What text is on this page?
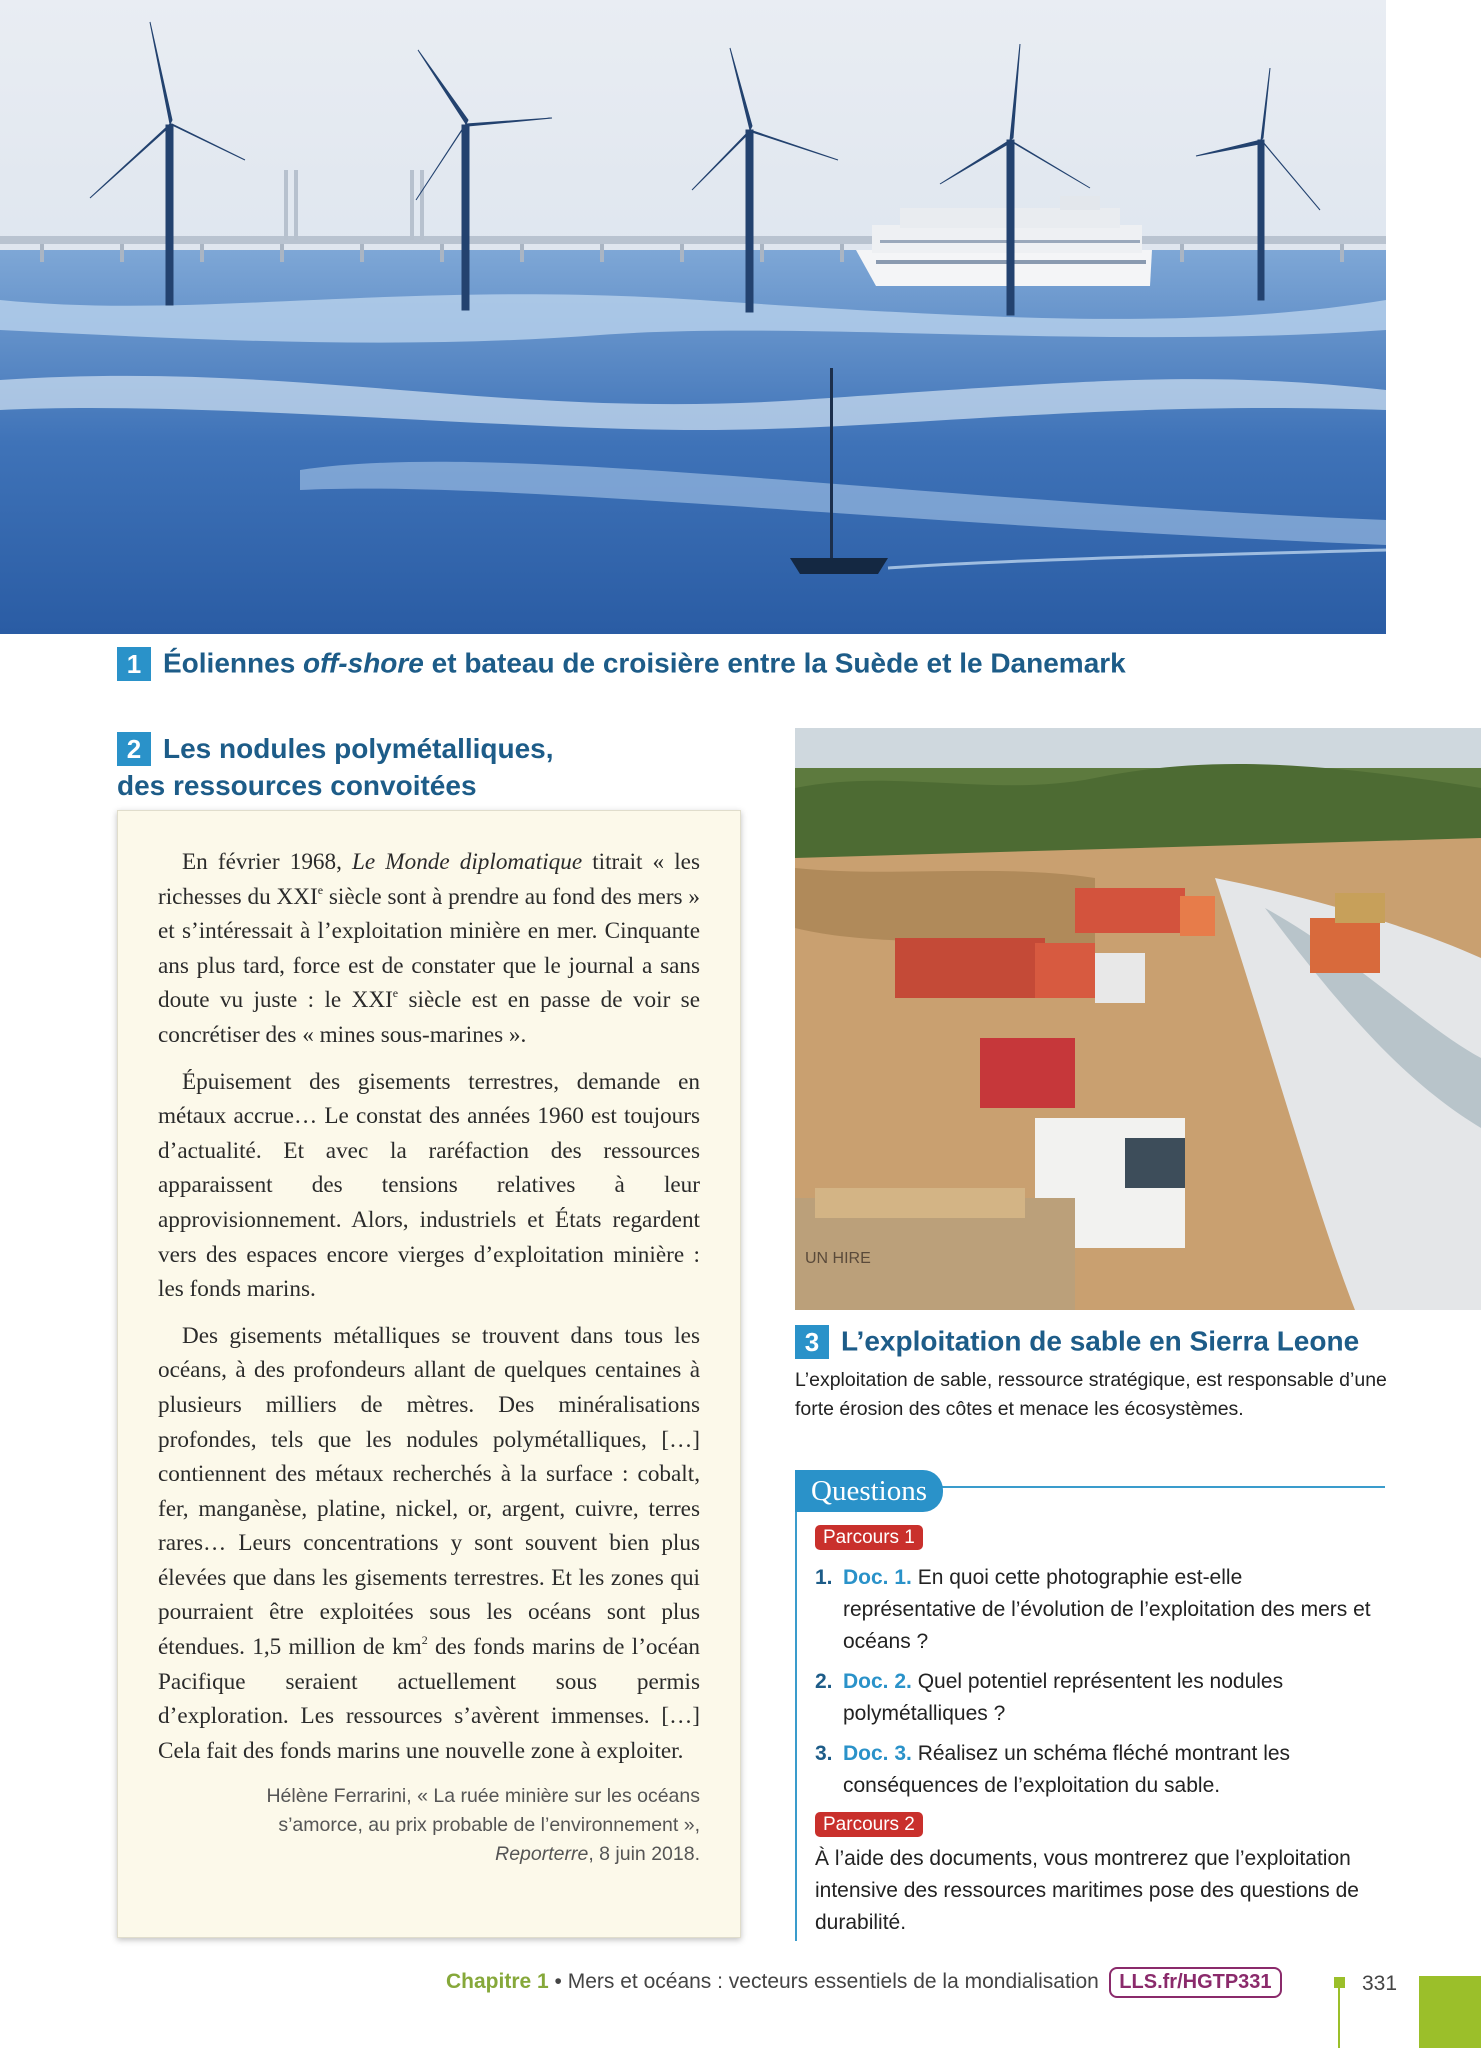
1 Éoliennes off-shore et bateau de croisière entre la Suède et le Danemark
2 Les nodules polymétalliques,
des ressources convoitées

En février 1968, Le Monde diplomatique titrait « les richesses du XXIe siècle sont à prendre au fond des mers » et s’intéressait à l’exploitation minière en mer. Cinquante ans plus tard, force est de constater que le journal a sans doute vu juste : le XXIe siècle est en passe de voir se concrétiser des « mines sous-marines ».

Épuisement des gisements terrestres, demande en métaux accrue… Le constat des années 1960 est toujours d’actualité. Et avec la raréfaction des ressources apparaissent des tensions relatives à leur approvisionnement. Alors, industriels et États regardent vers des espaces encore vierges d’exploitation minière : les fonds marins.

Des gisements métalliques se trouvent dans tous les océans, à des profondeurs allant de quelques centaines à plusieurs milliers de mètres. Des minéralisations profondes, tels que les nodules polymétalliques, […] contiennent des métaux recherchés à la surface : cobalt, fer, manganèse, platine, nickel, or, argent, cuivre, terres rares… Leurs concentrations y sont souvent bien plus élevées que dans les gisements terrestres. Et les zones qui pourraient être exploitées sous les océans sont plus étendues. 1,5 million de $km^2$ des fonds marins de l’océan Pacifique seraient actuellement sous permis d’exploration. Les ressources s’avèrent immenses. […] Cela fait des fonds marins une nouvelle zone à exploiter.

Hélène Ferrarini, « La ruée minière sur les océans
s’amorce, au prix probable de l’environnement »,
Reporterre, 8 juin 2018.

UN HIRE
3 L’exploitation de sable en Sierra Leone
L’exploitation de sable, ressource stratégique, est responsable d’une forte érosion des côtes et menace les écosystèmes.
Questions
Parcours 1
1. Doc. 1. En quoi cette photographie est-elle représentative de l’évolution de l’exploitation des mers et océans ?
2. Doc. 2. Quel potentiel représentent les nodules polymétalliques ?
3. Doc. 3. Réalisez un schéma fléché montrant les conséquences de l’exploitation du sable.
Parcours 2
À l’aide des documents, vous montrerez que l’exploitation intensive des ressources maritimes pose des questions de durabilité.
Chapitre 1 • Mers et océans : vecteurs essentiels de la mondialisation LLS.fr/HGTP331	331
